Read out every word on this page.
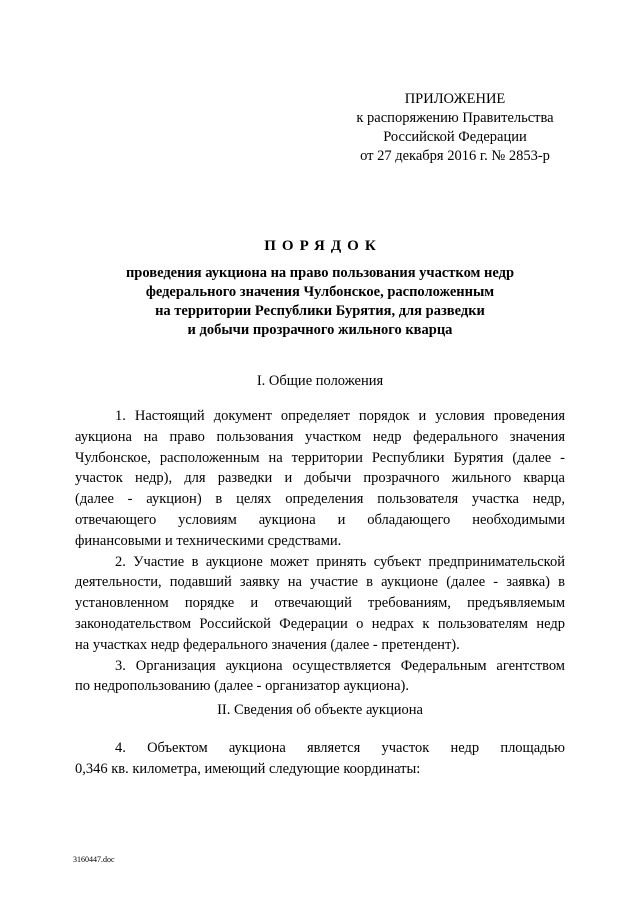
ПРИЛОЖЕНИЕ
к распоряжению Правительства
Российской Федерации
от 27 декабря 2016 г. № 2853-р
ПОРЯДОК
проведения аукциона на право пользования участком недр
федерального значения Чулбонское, расположенным
на территории Республики Бурятия, для разведки
и добычи прозрачного жильного кварца
I. Общие положения
1. Настоящий документ определяет порядок и условия проведения
аукциона на право пользования участком недр федерального значения
Чулбонское, расположенным на территории Республики Бурятия (далее -
участок недр), для разведки и добычи прозрачного жильного кварца
(далее - аукцион) в целях определения пользователя участка недр,
отвечающего условиям аукциона и обладающего необходимыми
финансовыми и техническими средствами.
2. Участие в аукционе может принять субъект предпринимательской
деятельности, подавший заявку на участие в аукционе (далее - заявка) в
установленном порядке и отвечающий требованиям, предъявляемым
законодательством Российской Федерации о недрах к пользователям недр
на участках недр федерального значения (далее - претендент).
3. Организация аукциона осуществляется Федеральным агентством
по недропользованию (далее - организатор аукциона).
II. Сведения об объекте аукциона
4. Объектом аукциона является участок недр площадью
0,346 кв. километра, имеющий следующие координаты:
3160447.doc
